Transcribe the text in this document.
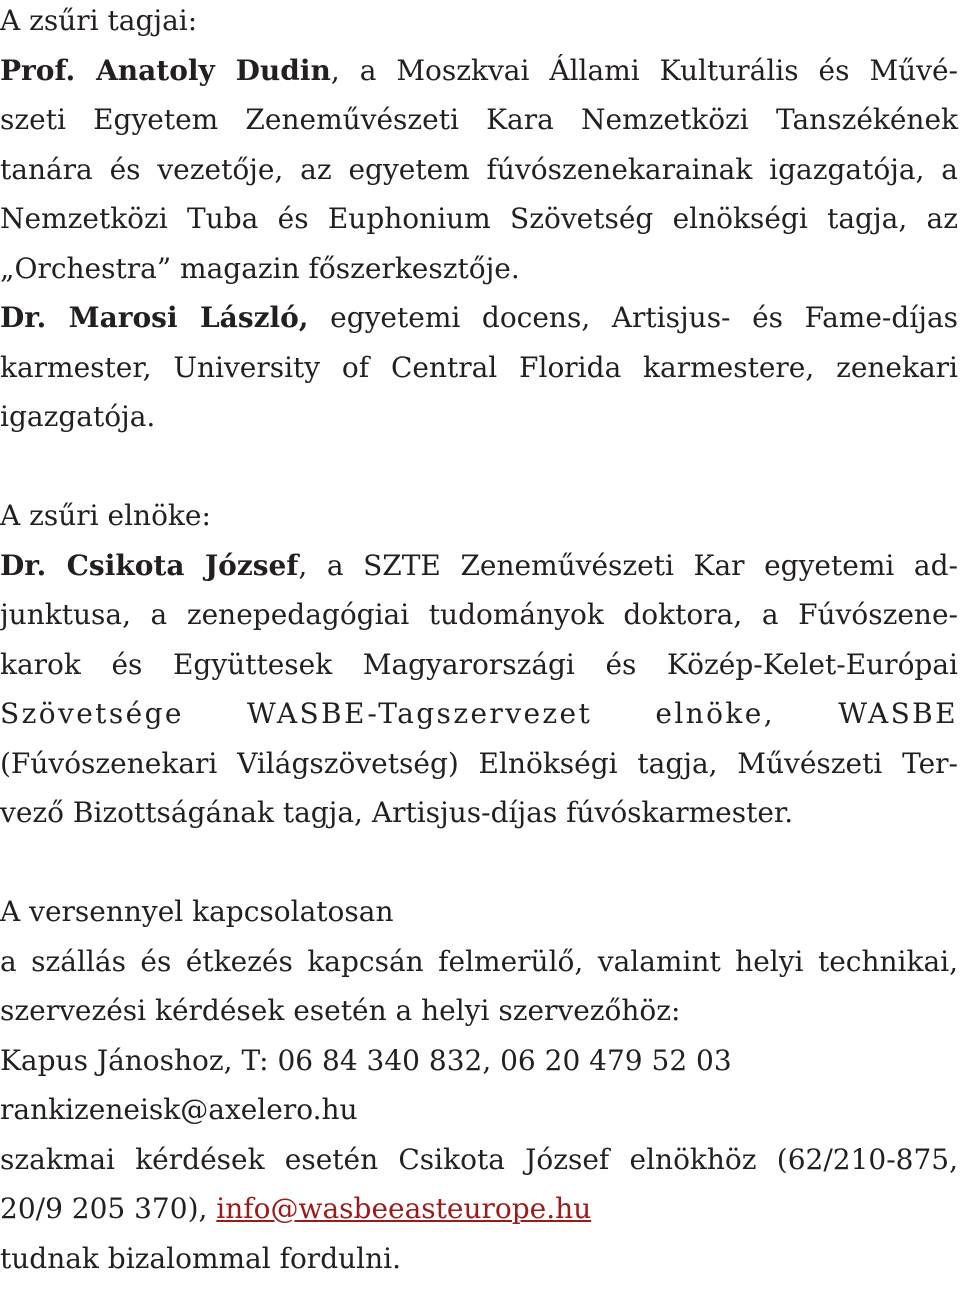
A zsűri tagjai:

Prof. Anatoly Dudin, a Moszkvai Állami Kulturális és Művé-

szeti Egyetem Zeneművészeti Kara Nemzetközi Tanszékének

tanára és vezetője, az egyetem fúvószenekarainak igazgatója, a

Nemzetközi Tuba és Euphonium Szövetség elnökségi tagja, az

„Orchestra” magazin főszerkesztője.

Dr. Marosi László, egyetemi docens, Artisjus- és Fame-díjas

karmester, University of Central Florida karmestere, zenekari

igazgatója.

A zsűri elnöke:

Dr. Csikota József, a SZTE Zeneművészeti Kar egyetemi ad-

junktusa, a zenepedagógiai tudományok doktora, a Fúvószene-

karok és Együttesek Magyarországi és Közép-Kelet-Európai

Szövetsége WASBE-Tagszervezet elnöke, WASBE

(Fúvószenekari Világszövetség) Elnökségi tagja, Művészeti Ter-

vező Bizottságának tagja, Artisjus-díjas fúvóskarmester.

A versennyel kapcsolatosan

a szállás és étkezés kapcsán felmerülő, valamint helyi technikai,

szervezési kérdések esetén a helyi szervezőhöz:

Kapus Jánoshoz, T: 06 84 340 832, 06 20 479 52 03

rankizeneisk@axelero.hu

szakmai kérdések esetén Csikota József elnökhöz (62/210-875,

20/9 205 370), info@wasbeeasteurope.hu

tudnak bizalommal fordulni.
